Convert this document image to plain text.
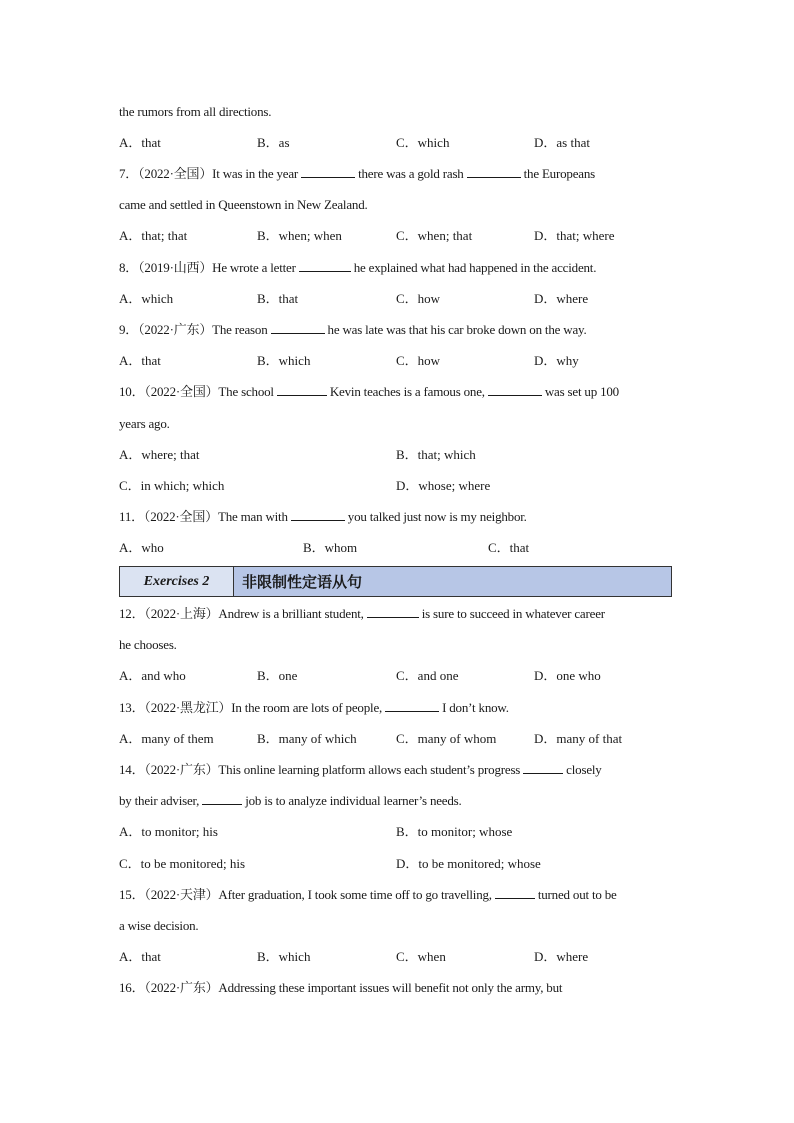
the rumors from all directions.
A．that	B．as	C．which	D．as that
7．（2022·全国）It was in the year	there was a gold rash	the Europeans
came and settled in Queenstown in New Zealand.
A．that; that	B．when; when	C．when; that	D．that; where
8．（2019·山西）He wrote a letter	he explained what had happened in the accident.
A．which	B．that	C．how	D．where
9．（2022·广东）The reason	he was late was that his car broke down on the way.
A．that	B．which	C．how	D．why
10．（2022·全国）The school	Kevin teaches is a famous one,	was set up 100
years ago.
A．where; that	B．that; which
C．in which; which	D．whose; where
11．（2022·全国）The man with	you talked just now is my neighbor.
A．who	B．whom	C．that
Exercises 2	非限制性定语从句
12．（2022·上海）Andrew is a brilliant student,	is sure to succeed in whatever career
he chooses.
A．and who	B．one	C．and one	D．one who
13．（2022·黑龙江）In the room are lots of people,	I don’t know.
A．many of them	B．many of which	C．many of whom	D．many of that
14．（2022·广东）This online learning platform allows each student’s progress	closely
by their adviser,	job is to analyze individual learner’s needs.
A．to monitor; his	B．to monitor; whose
C．to be monitored; his	D．to be monitored; whose
15．（2022·天津）After graduation, I took some time off to go travelling,	turned out to be
a wise decision.
A．that	B．which	C．when	D．where
16．（2022·广东）Addressing these important issues will benefit not only the army, but
